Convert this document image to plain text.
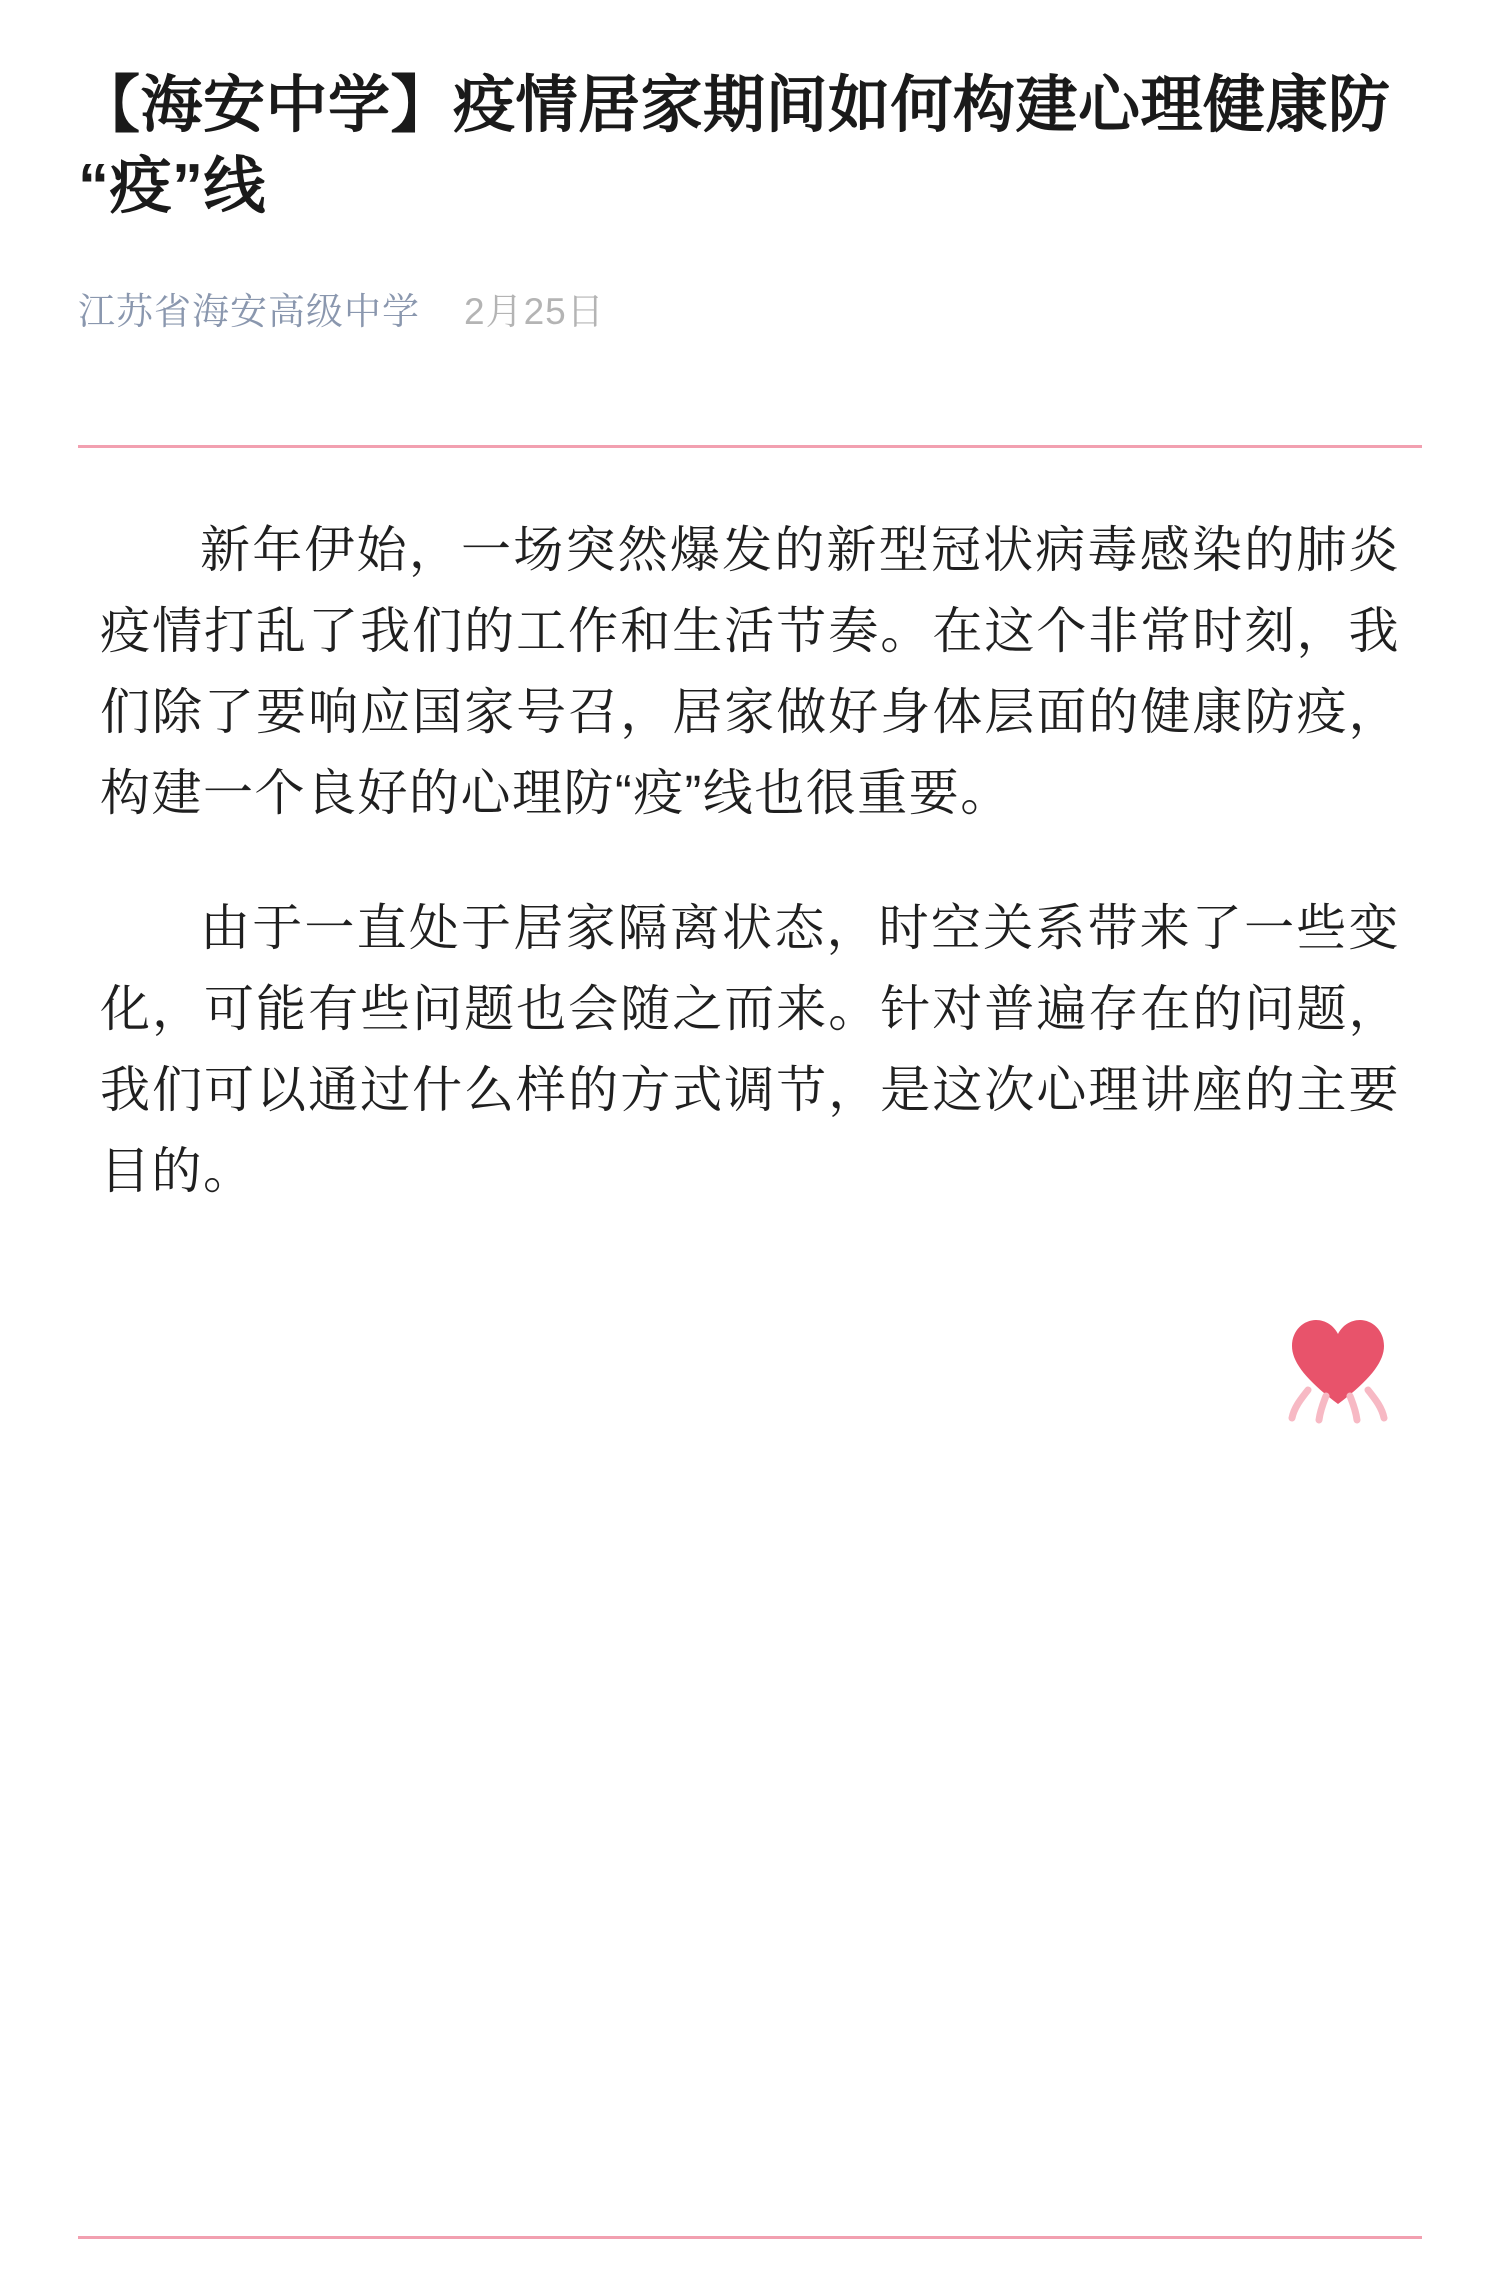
【海安中学】疫情居家期间如何构建心理健康防“疫”线
江苏省海安高级中学 2月25日

新年伊始，一场突然爆发的新型冠状病毒感染的肺炎疫情打乱了我们的工作和生活节奏。在这个非常时刻，我们除了要响应国家号召，居家做好身体层面的健康防疫，构建一个良好的心理防“疫”线也很重要。

由于一直处于居家隔离状态，时空关系带来了一些变化，可能有些问题也会随之而来。针对普遍存在的问题，我们可以通过什么样的方式调节，是这次心理讲座的主要目的。
